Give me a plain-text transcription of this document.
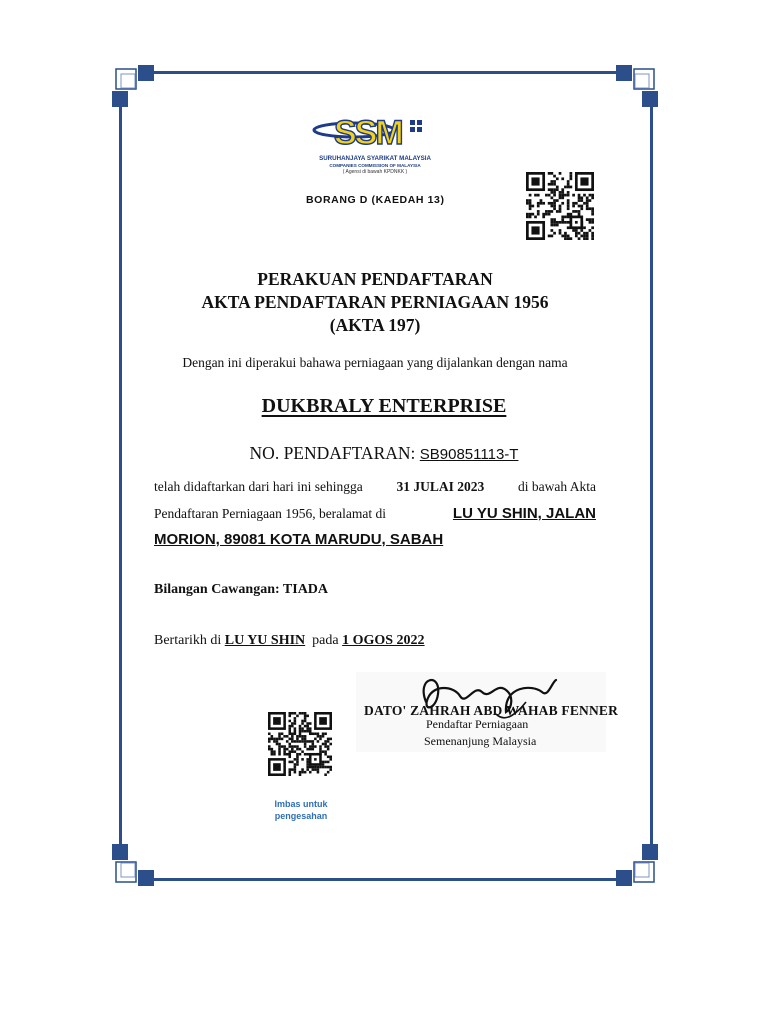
SSM
SURUHANJAYA SYARIKAT MALAYSIA
COMPANIES COMMISSION OF MALAYSIA
( Agensi di bawah KPDNKK )
BORANG D (KAEDAH 13)
PERAKUAN PENDAFTARAN
AKTA PENDAFTARAN PERNIAGAAN 1956
(AKTA 197)
Dengan ini diperakui bahawa perniagaan yang dijalankan dengan nama
DUKBRALY ENTERPRISE
NO. PENDAFTARAN: SB90851113-T
telah didaftarkan dari hari ini sehingga 31 JULAI 2023 di bawah Akta
Pendaftaran Perniagaan 1956, beralamat di	LU YU SHIN, JALAN
MORION, 89081 KOTA MARUDU, SABAH
Bilangan Cawangan: TIADA
Bertarikh di LU YU SHIN pada 1 OGOS 2022
DATO' ZAHRAH ABD WAHAB FENNER
Pendaftar Perniagaan
Semenanjung Malaysia
Imbas untuk
pengesahan
